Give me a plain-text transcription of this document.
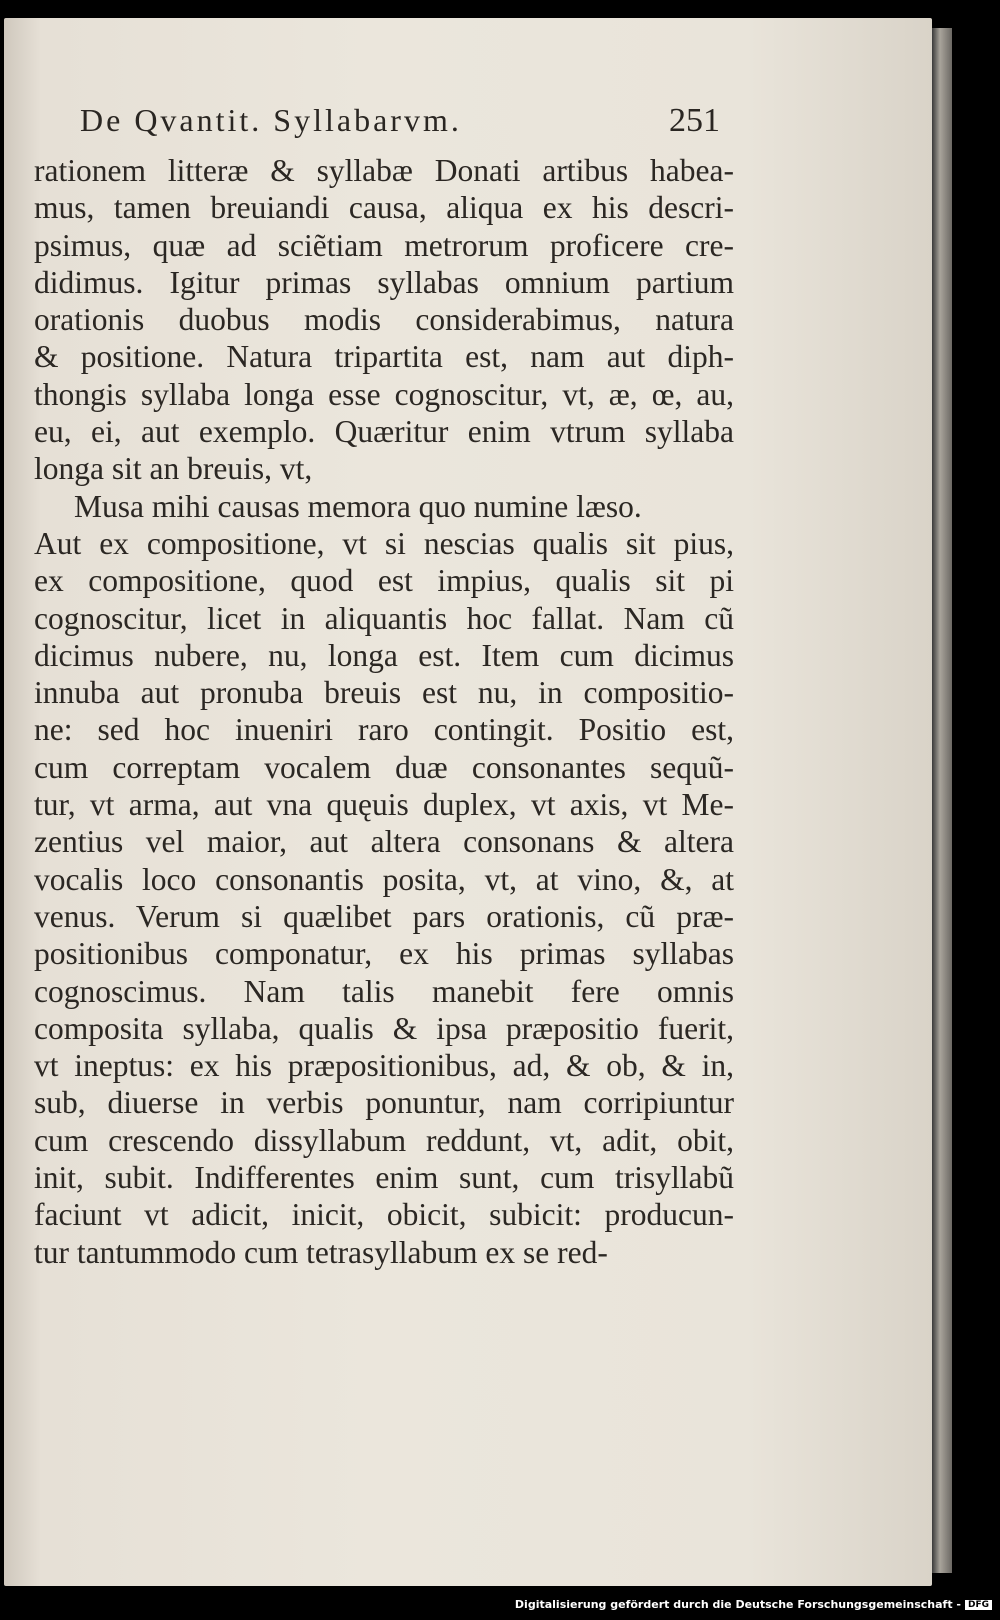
De Qvantit. Syllabarvm.	251
rationem litteræ & syllabæ Donati artibus habea-
mus, tamen breuiandi causa, aliqua ex his descri-
psimus, quæ ad sciẽtiam metrorum proficere cre-
didimus. Igitur primas syllabas omnium partium
orationis duobus modis considerabimus, natura
& positione. Natura tripartita est, nam aut diph-
thongis syllaba longa esse cognoscitur, vt, æ, œ, au,
eu, ei, aut exemplo. Quæritur enim vtrum syllaba
longa sit an breuis, vt,
Musa mihi causas memora quo numine læso.
Aut ex compositione, vt si nescias qualis sit pius,
ex compositione, quod est impius, qualis sit pi
cognoscitur, licet in aliquantis hoc fallat. Nam cũ
dicimus nubere, nu, longa est. Item cum dicimus
innuba aut pronuba breuis est nu, in compositio-
ne: sed hoc inueniri raro contingit. Positio est,
cum correptam vocalem duæ consonantes sequũ-
tur, vt arma, aut vna quęuis duplex, vt axis, vt Me-
zentius vel maior, aut altera consonans & altera
vocalis loco consonantis posita, vt, at vino, &, at
venus. Verum si quælibet pars orationis, cũ præ-
positionibus componatur, ex his primas syllabas
cognoscimus. Nam talis manebit fere omnis
composita syllaba, qualis & ipsa præpositio fuerit,
vt ineptus: ex his præpositionibus, ad, & ob, & in,
sub, diuerse in verbis ponuntur, nam corripiuntur
cum crescendo dissyllabum reddunt, vt, adit, obit,
init, subit. Indifferentes enim sunt, cum trisyllabũ
faciunt vt adicit, inicit, obicit, subicit: producun-
tur tantummodo cum tetrasyllabum ex se red-
Digitalisierung gefördert durch die Deutsche Forschungsgemeinschaft - DFG
